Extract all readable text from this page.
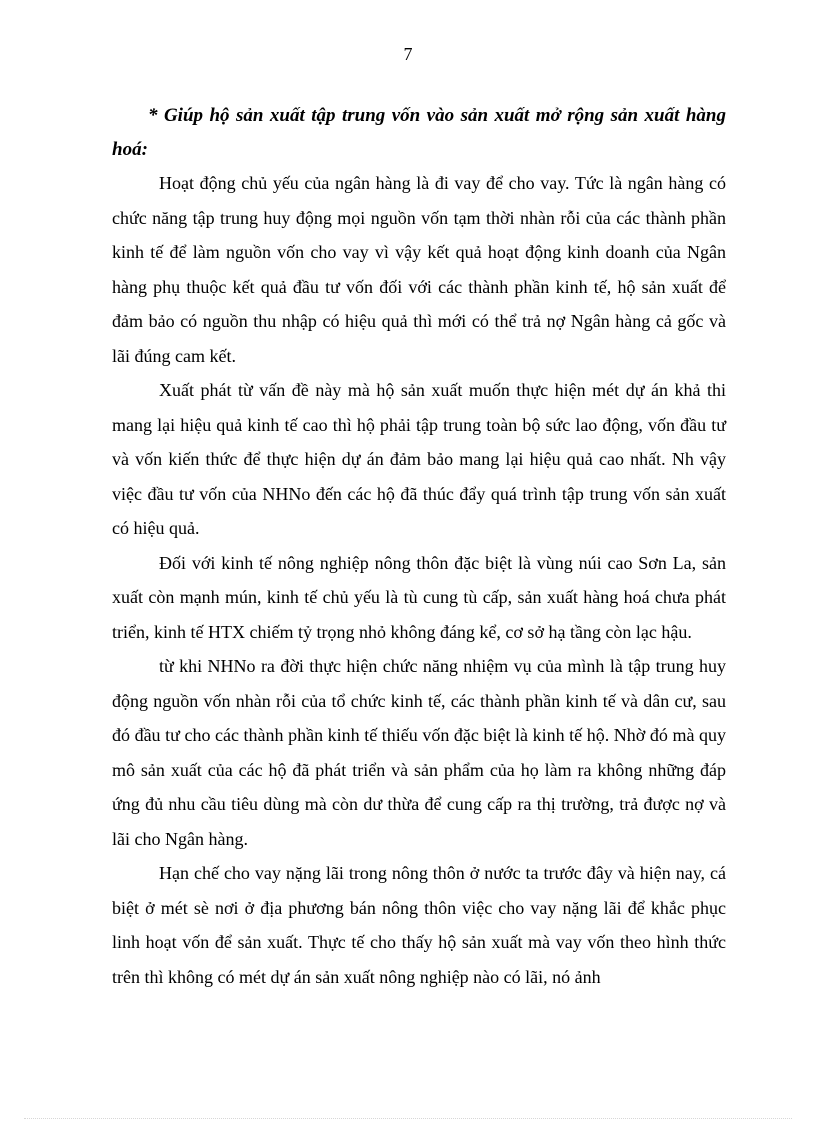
7

* Giúp hộ sản xuất tập trung vốn vào sản xuất mở rộng sản xuất hàng hoá:

Hoạt động chủ yếu của ngân hàng là đi vay để cho vay. Tức là ngân hàng có chức năng tập trung huy động mọi nguồn vốn tạm thời nhàn rỗi của các thành phần kinh tế để làm nguồn vốn cho vay vì vậy kết quả hoạt động kinh doanh của Ngân hàng phụ thuộc kết quả đầu tư vốn đối với các thành phần kinh tế, hộ sản xuất để đảm bảo có nguồn thu nhập có hiệu quả thì mới có thể trả nợ Ngân hàng cả gốc và lãi đúng cam kết.

Xuất phát từ vấn đề này mà hộ sản xuất muốn thực hiện mét dự án khả thi mang lại hiệu quả kinh tế cao thì hộ phải tập trung toàn bộ sức lao động, vốn đầu tư và vốn kiến thức để thực hiện dự án đảm bảo mang lại hiệu quả cao nhất. Nh vậy việc đầu tư vốn của NHNo đến các hộ đã thúc đẩy quá trình tập trung vốn sản xuất có hiệu quả.

Đối với kinh tế nông nghiệp nông thôn đặc biệt là vùng núi cao Sơn La, sản xuất còn mạnh mún, kinh tế chủ yếu là tù cung tù cấp, sản xuất hàng hoá chưa phát triển, kinh tế HTX chiếm tỷ trọng nhỏ không đáng kể, cơ sở hạ tầng còn lạc hậu.

từ khi NHNo ra đời thực hiện chức năng nhiệm vụ của mình là tập trung huy động nguồn vốn nhàn rỗi của tổ chức kinh tế, các thành phần kinh tế và dân cư, sau đó đầu tư cho các thành phần kinh tế thiếu vốn đặc biệt là kinh tế hộ. Nhờ đó mà quy mô sản xuất của các hộ đã phát triển và sản phẩm của họ làm ra không những đáp ứng đủ nhu cầu tiêu dùng mà còn dư thừa để cung cấp ra thị trường, trả được nợ và lãi cho Ngân hàng.

Hạn chế cho vay nặng lãi trong nông thôn ở nước ta trước đây và hiện nay, cá biệt ở mét sè nơi ở địa phương bán nông thôn việc cho vay nặng lãi để khắc phục linh hoạt vốn để sản xuất. Thực tế cho thấy hộ sản xuất mà vay vốn theo hình thức trên thì không có mét dự án sản xuất nông nghiệp nào có lãi, nó ảnh
